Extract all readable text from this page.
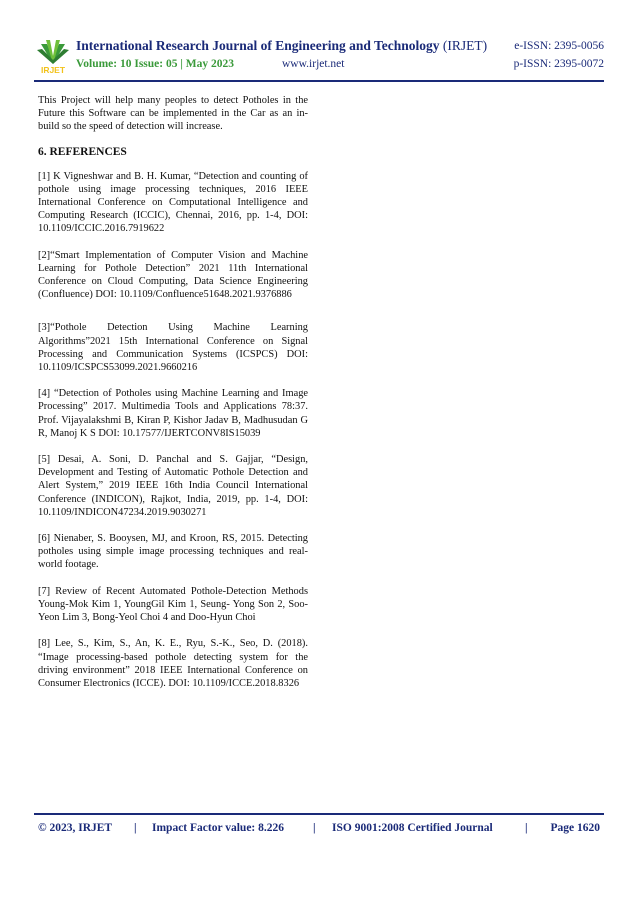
IRJET
International Research Journal of Engineering and Technology (IRJET)	e-ISSN: 2395-0056
Volume: 10 Issue: 05 | May 2023	www.irjet.net	p-ISSN: 2395-0072

This Project will help many peoples to detect Potholes in the Future this Software can be implemented in the Car as an in-build so the speed of detection will increase.

6. REFERENCES

[1] K Vigneshwar and B. H. Kumar, “Detection and counting of pothole using image processing techniques, 2016 IEEE International Conference on Computational Intelligence and Computing Research (ICCIC), Chennai, 2016, pp. 1-4, DOI: 10.1109/ICCIC.2016.7919622

[2]“Smart Implementation of Computer Vision and Machine Learning for Pothole Detection” 2021 11th International Conference on Cloud Computing, Data Science Engineering (Confluence) DOI: 10.1109/Confluence51648.2021.9376886

[3]“Pothole Detection Using Machine Learning Algorithms”2021 15th International Conference on Signal Processing and Communication Systems (ICSPCS) DOI: 10.1109/ICSPCS53099.2021.9660216

[4] “Detection of Potholes using Machine Learning and Image Processing” 2017. Multimedia Tools and Applications 78:37. Prof. Vijayalakshmi B, Kiran P, Kishor Jadav B, Madhusudan G R, Manoj K S DOI: 10.17577/IJERTCONV8IS15039

[5] Desai, A. Soni, D. Panchal and S. Gajjar, “Design, Development and Testing of Automatic Pothole Detection and Alert System,” 2019 IEEE 16th India Council International Conference (INDICON), Rajkot, India, 2019, pp. 1-4, DOI: 10.1109/INDICON47234.2019.9030271

[6] Nienaber, S. Booysen, MJ, and Kroon, RS, 2015. Detecting potholes using simple image processing techniques and real-world footage.

[7] Review of Recent Automated Pothole-Detection Methods Young-Mok Kim 1, YoungGil Kim 1, Seung- Yong Son 2, Soo-Yeon Lim 3, Bong-Yeol Choi 4 and Doo-Hyun Choi

[8] Lee, S., Kim, S., An, K. E., Ryu, S.-K., Seo, D. (2018). “Image processing-based pothole detecting system for the driving environment” 2018 IEEE International Conference on Consumer Electronics (ICCE). DOI: 10.1109/ICCE.2018.8326

© 2023, IRJET | Impact Factor value: 8.226	| ISO 9001:2008 Certified Journal	| Page 1620
